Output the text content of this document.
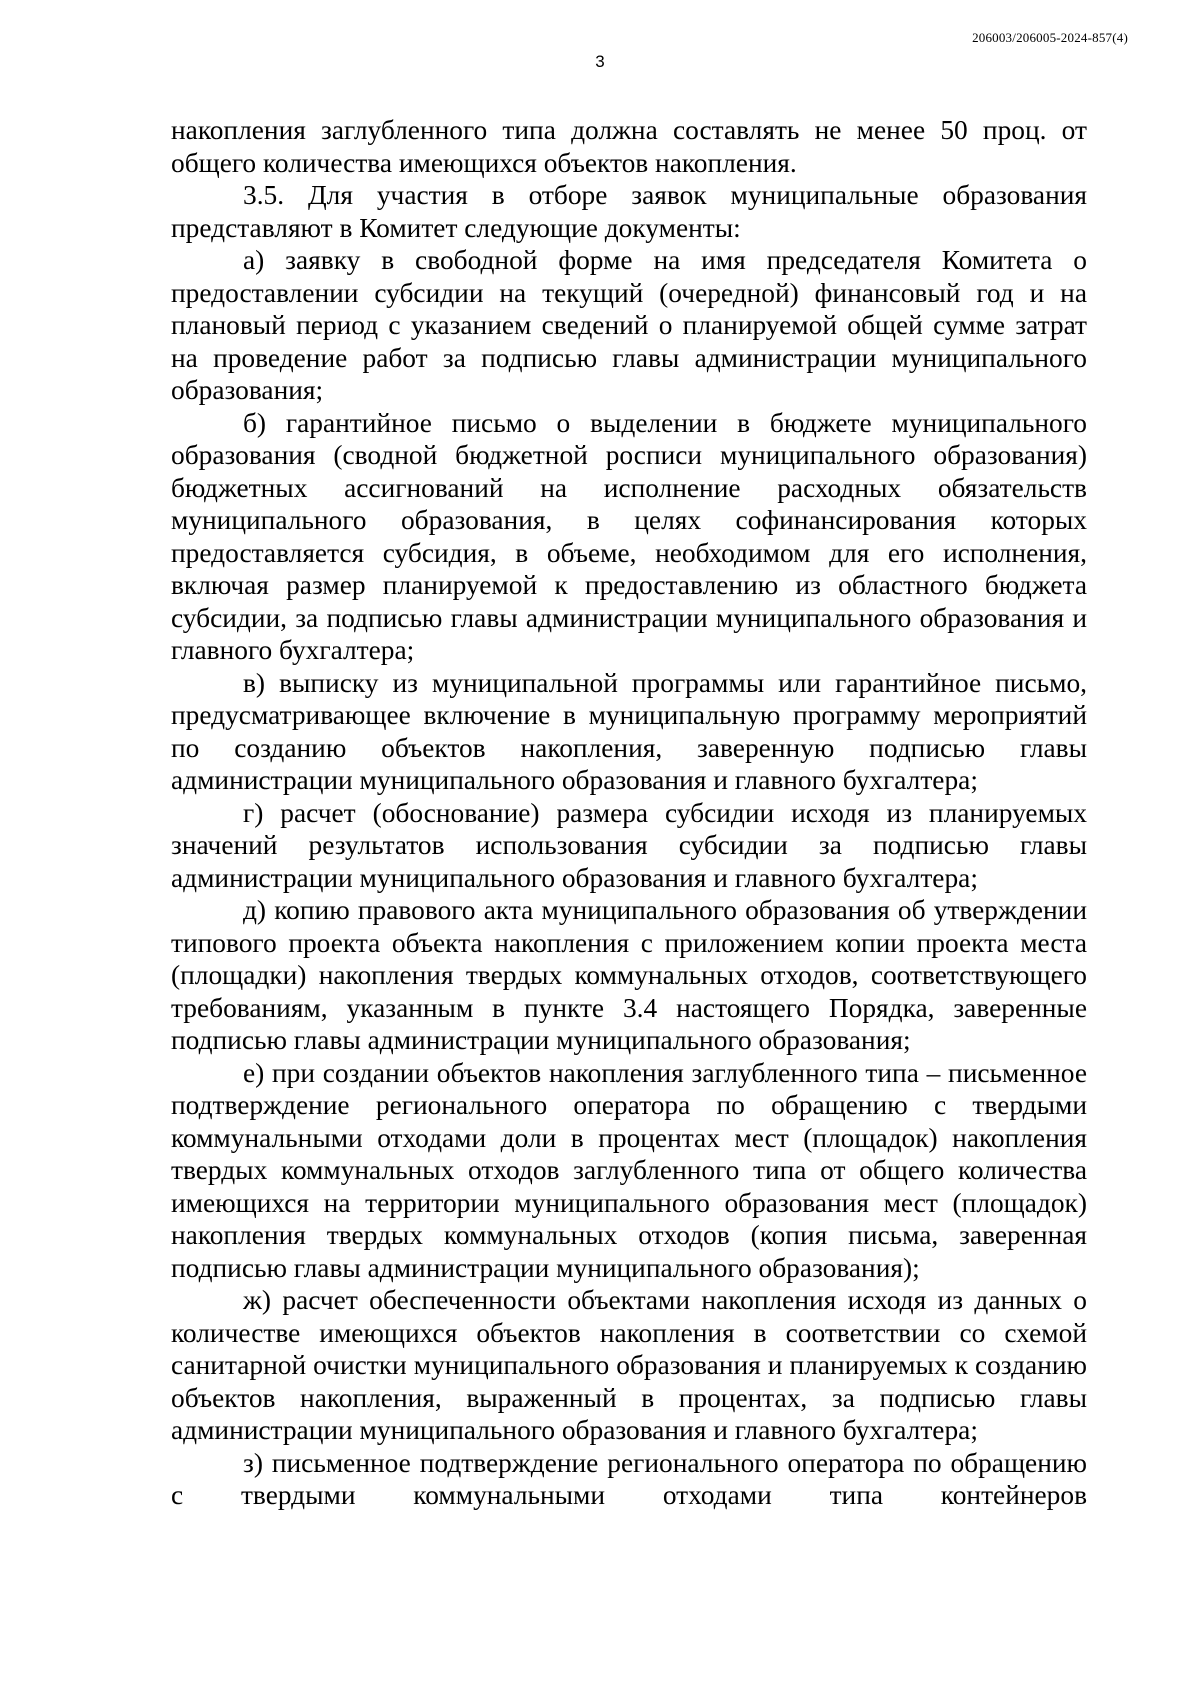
206003/206005-2024-857(4)
3

накопления заглубленного типа должна составлять не менее 50 проц. от общего количества имеющихся объектов накопления.

3.5. Для участия в отборе заявок муниципальные образования представляют в Комитет следующие документы:

а) заявку в свободной форме на имя председателя Комитета о предоставлении субсидии на текущий (очередной) финансовый год и на плановый период с указанием сведений о планируемой общей сумме затрат на проведение работ за подписью главы администрации муниципального образования;

б) гарантийное письмо о выделении в бюджете муниципального образования (сводной бюджетной росписи муниципального образования) бюджетных ассигнований на исполнение расходных обязательств муниципального образования, в целях софинансирования которых предоставляется субсидия, в объеме, необходимом для его исполнения, включая размер планируемой к предоставлению из областного бюджета субсидии, за подписью главы администрации муниципального образования и главного бухгалтера;

в) выписку из муниципальной программы или гарантийное письмо, предусматривающее включение в муниципальную программу мероприятий по созданию объектов накопления, заверенную подписью главы администрации муниципального образования и главного бухгалтера;

г) расчет (обоснование) размера субсидии исходя из планируемых значений результатов использования субсидии за подписью главы администрации муниципального образования и главного бухгалтера;

д) копию правового акта муниципального образования об утверждении типового проекта объекта накопления с приложением копии проекта места (площадки) накопления твердых коммунальных отходов, соответствующего требованиям, указанным в пункте 3.4 настоящего Порядка, заверенные подписью главы администрации муниципального образования;

е) при создании объектов накопления заглубленного типа – письменное подтверждение регионального оператора по обращению с твердыми коммунальными отходами доли в процентах мест (площадок) накопления твердых коммунальных отходов заглубленного типа от общего количества имеющихся на территории муниципального образования мест (площадок) накопления твердых коммунальных отходов (копия письма, заверенная подписью главы администрации муниципального образования);

ж) расчет обеспеченности объектами накопления исходя из данных о количестве имеющихся объектов накопления в соответствии со схемой санитарной очистки муниципального образования и планируемых к созданию объектов накопления, выраженный в процентах, за подписью главы администрации муниципального образования и главного бухгалтера;

з) письменное подтверждение регионального оператора по обращению с твердыми коммунальными отходами типа контейнеров
